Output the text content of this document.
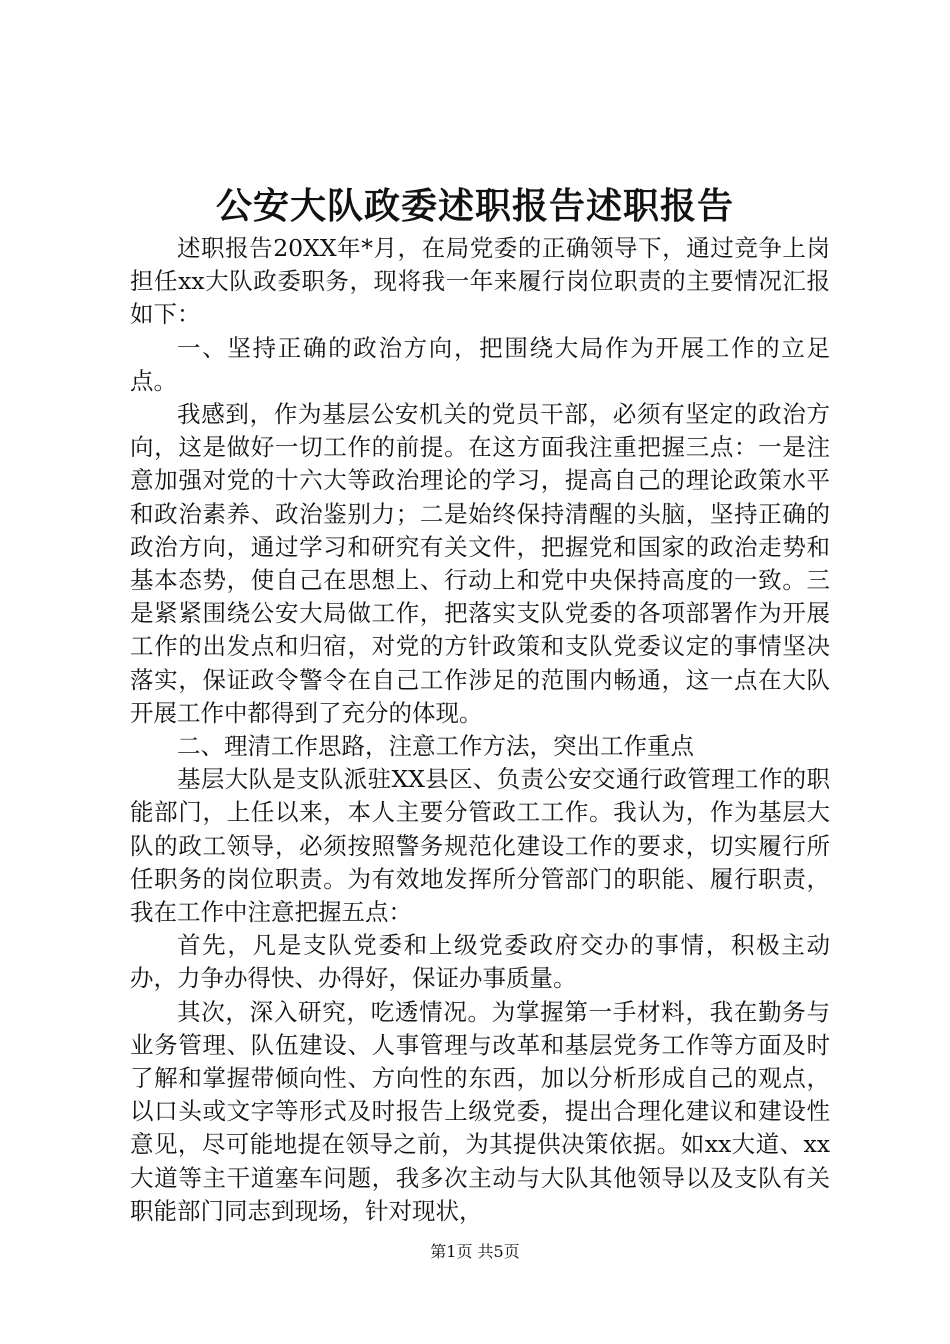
公安大队政委述职报告述职报告

述职报告20XX年*月，在局党委的正确领导下，通过竞争上岗担任xx大队政委职务，现将我一年来履行岗位职责的主要情况汇报如下：

一、坚持正确的政治方向，把围绕大局作为开展工作的立足点。

我感到，作为基层公安机关的党员干部，必须有坚定的政治方向，这是做好一切工作的前提。在这方面我注重把握三点：一是注意加强对党的十六大等政治理论的学习，提高自己的理论政策水平和政治素养、政治鉴别力；二是始终保持清醒的头脑，坚持正确的政治方向，通过学习和研究有关文件，把握党和国家的政治走势和基本态势，使自己在思想上、行动上和党中央保持高度的一致。三是紧紧围绕公安大局做工作，把落实支队党委的各项部署作为开展工作的出发点和归宿，对党的方针政策和支队党委议定的事情坚决落实，保证政令警令在自己工作涉足的范围内畅通，这一点在大队开展工作中都得到了充分的体现。

二、理清工作思路，注意工作方法，突出工作重点

基层大队是支队派驻XX县区、负责公安交通行政管理工作的职能部门，上任以来，本人主要分管政工工作。我认为，作为基层大队的政工领导，必须按照警务规范化建设工作的要求，切实履行所任职务的岗位职责。为有效地发挥所分管部门的职能、履行职责，我在工作中注意把握五点：

首先，凡是支队党委和上级党委政府交办的事情，积极主动办，力争办得快、办得好，保证办事质量。

其次，深入研究，吃透情况。为掌握第一手材料，我在勤务与业务管理、队伍建设、人事管理与改革和基层党务工作等方面及时了解和掌握带倾向性、方向性的东西，加以分析形成自己的观点，以口头或文字等形式及时报告上级党委，提出合理化建议和建设性意见，尽可能地提在领导之前，为其提供决策依据。如xx大道、xx大道等主干道塞车问题，我多次主动与大队其他领导以及支队有关职能部门同志到现场，针对现状，

第1页 共5页
